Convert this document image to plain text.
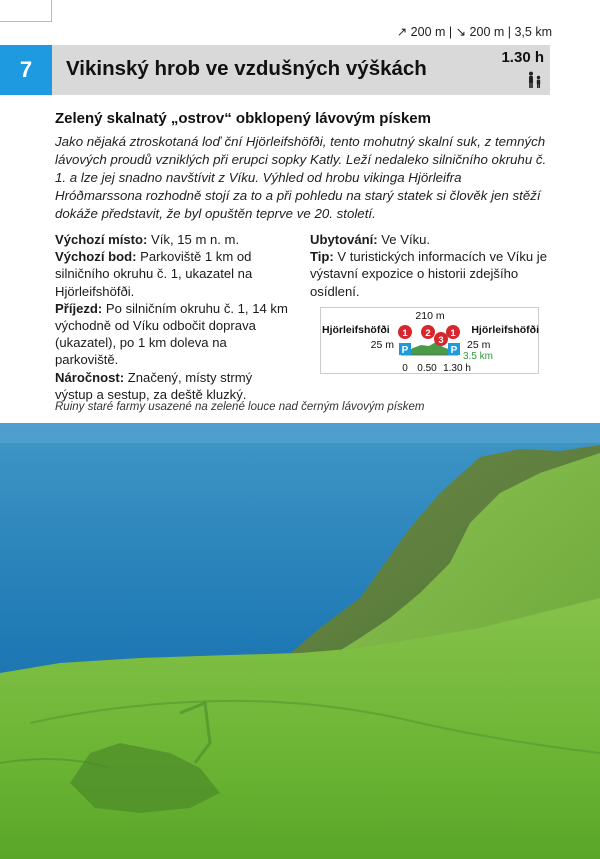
↗ 200 m | ↘ 200 m | 3,5 km
7	Vikinský hrob ve vzdušných výškách	1.30 h
Zelený skalnatý „ostrov“ obklopený lávovým pískem
Jako nějaká ztroskotaná loď ční Hjörleifshöfði, tento mohutný skalní suk, z temných lávových proudů vzniklých při erupci sopky Katly. Leží nedaleko silničního okruhu č. 1. a lze jej snadno navštívit z Víku. Výhled od hrobu vikinga Hjörleifra Hróðmarssona rozhodně stojí za to a při pohledu na starý statek si člověk jen stěží dokáže představit, že byl opuštěn teprve ve 20. století.
Výchozí místo: Vík, 15 m n. m.
Výchozí bod: Parkoviště 1 km od silničního okruhu č. 1, ukazatel na Hjörleifshöfði.
Příjezd: Po silničním okruhu č. 1, 14 km východně od Víku odbočit doprava (ukazatel), po 1 km doleva na parkoviště.
Náročnost: Značený, místy strmý výstup a sestup, za deště kluzký.
Ubytování: Ve Víku.
Tip: V turistických informacích ve Víku je výstavní expozice o historii zdejšího osídlení.
210 m
Hjörleifshöfði	Hjörleifshöfði
25 m	25 m
1 2
3
1
P	P
3.5 km
0 0.50 1.30 h
Ruiny staré farmy usazené na zelené louce nad černým lávovým pískem
